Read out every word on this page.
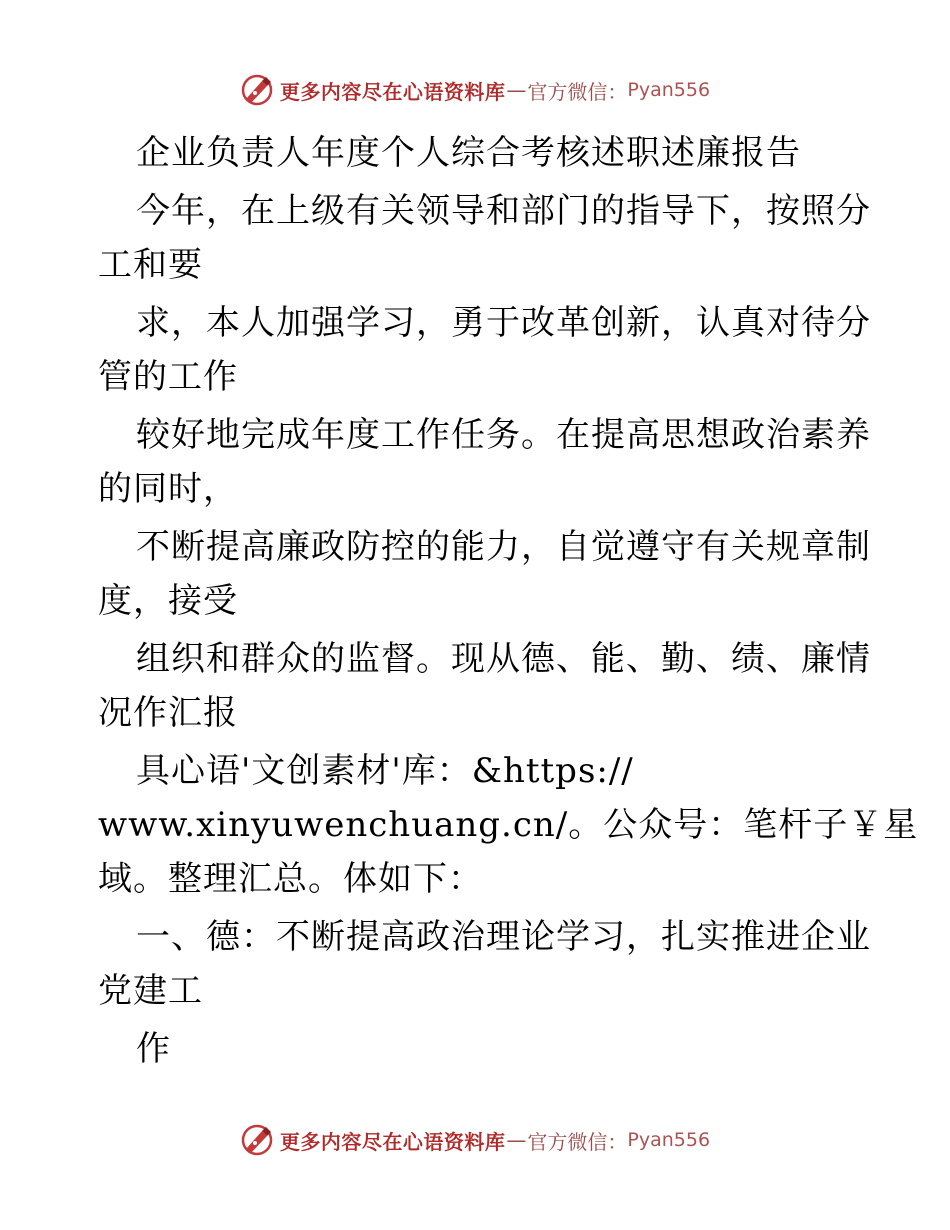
更多内容尽在心语资料库 — 官方微信： Pyan556
企业负责人年度个人综合考核述职述廉报告
今年，在上级有关领导和部门的指导下，按照分
工和要
求，本人加强学习，勇于改革创新，认真对待分
管的工作
较好地完成年度工作任务。在提高思想政治素养
的同时，
不断提高廉政防控的能力，自觉遵守有关规章制
度，接受
组织和群众的监督。现从德、能、勤、绩、廉情
况作汇报
具心语'文创素材'库：&https://
www.xinyuwenchuang.cn/。公众号：笔杆子￥星
域。整理汇总。体如下：
一、德：不断提高政治理论学习，扎实推进企业
党建工
作
更多内容尽在心语资料库 — 官方微信： Pyan556
